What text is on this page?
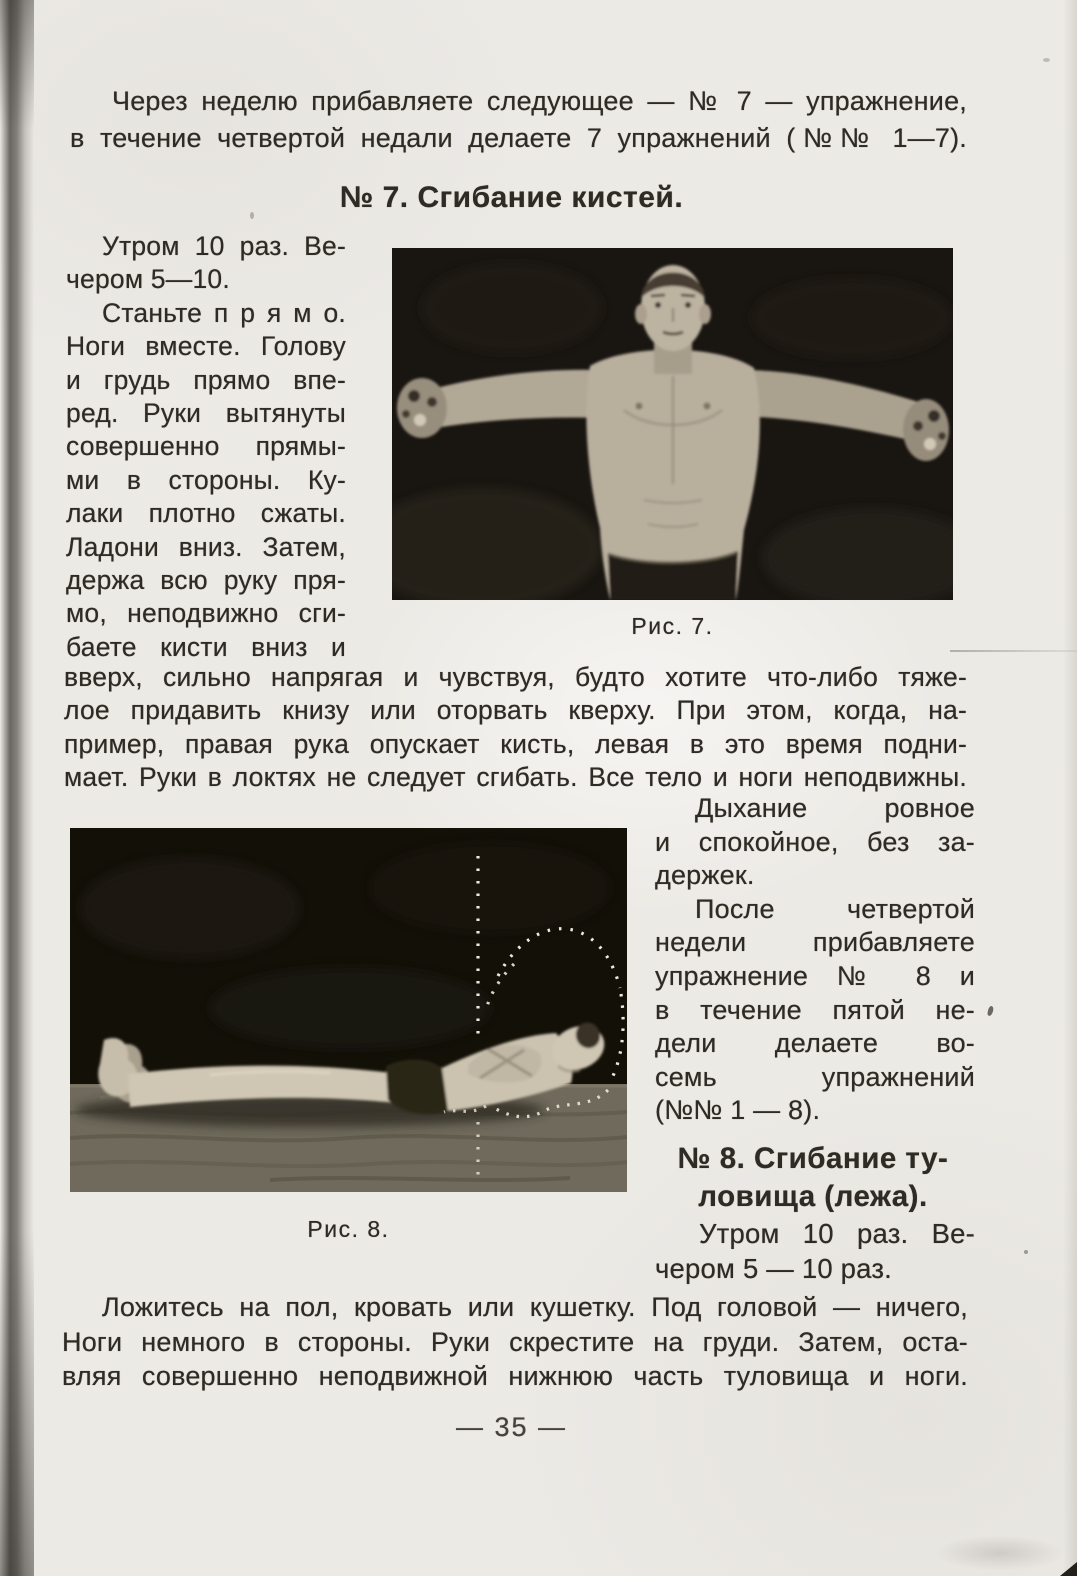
Через неделю прибавляете следующее — № 7 — упражнение,
в течение четвертой недали делаете 7 упражнений (№№ 1—7).
№ 7. Сгибание кистей.
Утром 10 раз. Ве-
чером 5—10.
Станьте п р я м о.
Ноги вместе. Голову
и грудь прямо впе-
ред. Руки вытянуты
совершенно прямы-
ми в стороны. Ку-
лаки плотно сжаты.
Ладони вниз. Затем,
держа всю руку пря-
мо, неподвижно сги-
баете кисти вниз и
Рис. 7.
вверх, сильно напрягая и чувствуя, будто хотите что-либо тяже-
лое придавить книзу или оторвать кверху. При этом, когда, на-
пример, правая рука опускает кисть, левая в это время подни-
мает. Руки в локтях не следует сгибать. Все тело и ноги неподвижны.
Дыхание ровное
и спокойное, без за-
держек.
После четвертой
недели прибавляете
упражнение № 8 и
в течение пятой не-
дели делаете во-
семь упражнений
(№№ 1 — 8).
№ 8. Сгибание ту-
ловища (лежа).
Утром 10 раз. Ве-
чером 5 — 10 раз.
Рис. 8.
Ложитесь на пол, кровать или кушетку. Под головой — ничего,
Ноги немного в стороны. Руки скрестите на груди. Затем, оста-
вляя совершенно неподвижной нижнюю часть туловища и ноги.
— 35 —
